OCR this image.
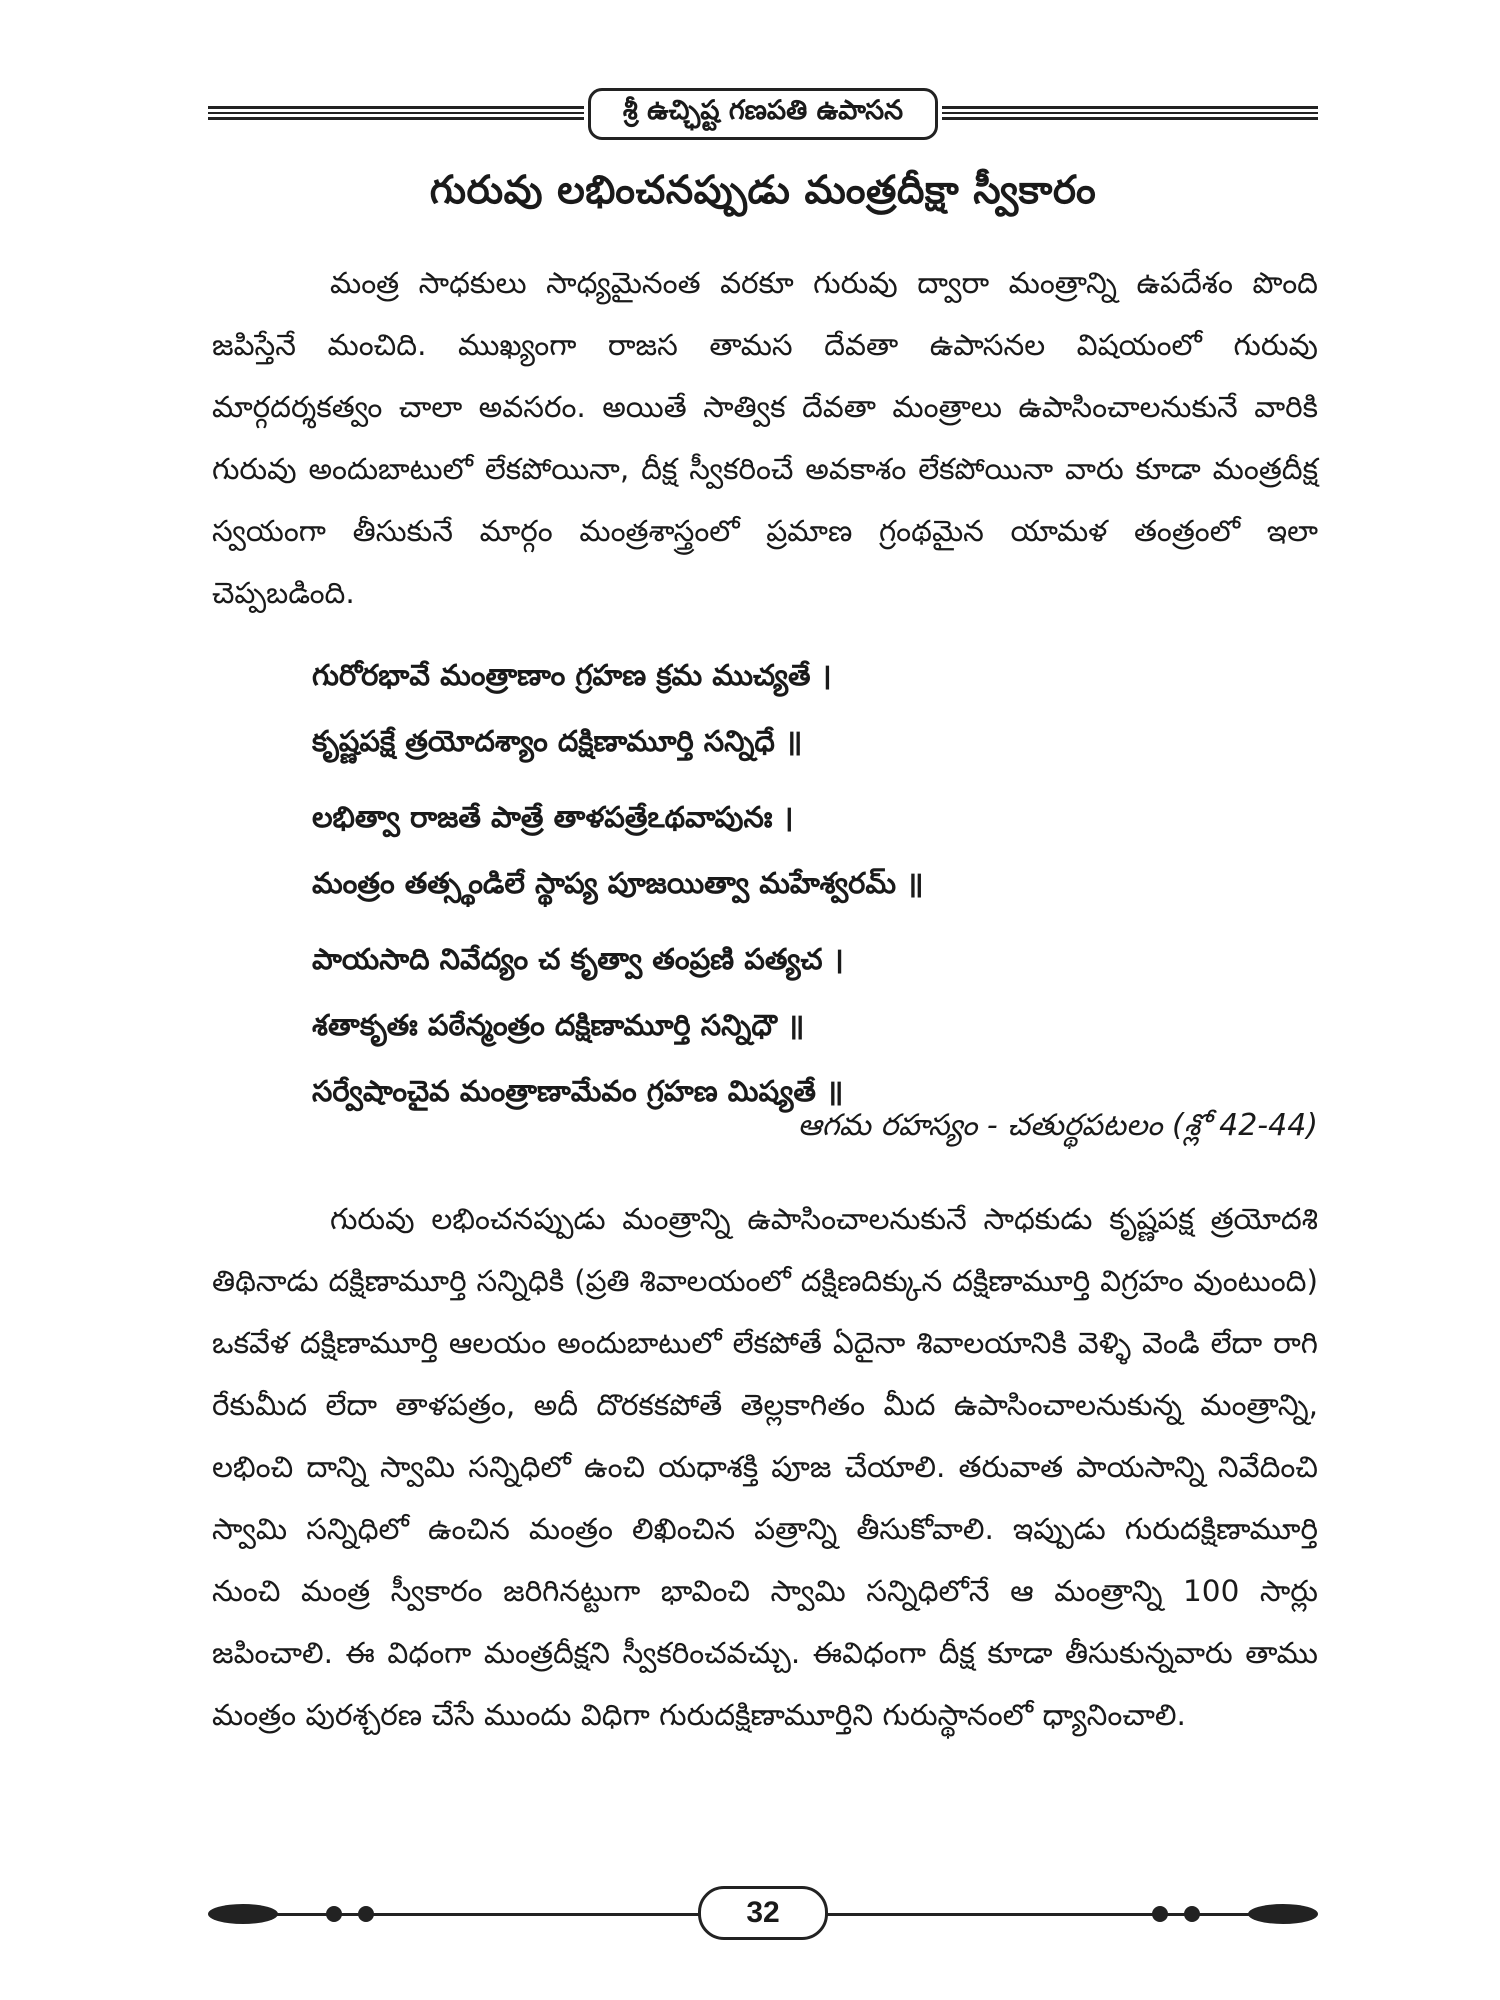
శ్రీ ఉచ్ఛిష్ట గణపతి ఉపాసన
గురువు లభించనప్పుడు మంత్రదీక్షా స్వీకారం

మంత్ర సాధకులు సాధ్యమైనంత వరకూ గురువు ద్వారా మంత్రాన్ని ఉపదేశం పొంది జపిస్తేనే మంచిది. ముఖ్యంగా రాజస తామస దేవతా ఉపాసనల విషయంలో గురువు మార్గదర్శకత్వం చాలా అవసరం. అయితే సాత్విక దేవతా మంత్రాలు ఉపాసించాలనుకునే వారికి గురువు అందుబాటులో లేకపోయినా, దీక్ష స్వీకరించే అవకాశం లేకపోయినా వారు కూడా మంత్రదీక్ష స్వయంగా తీసుకునే మార్గం మంత్రశాస్త్రంలో ప్రమాణ గ్రంథమైన యామళ తంత్రంలో ఇలా చెప్పబడింది.

గురోరభావే మంత్రాణాం గ్రహణ క్రమ ముచ్యతే ।
కృష్ణపక్షే త్రయోదశ్యాం దక్షిణామూర్తి సన్నిధే ॥
లభిత్వా రాజతే పాత్రే తాళపత్రేఽథవాపునః ।
మంత్రం తత్స్థండిలే స్థాప్య పూజయిత్వా మహేశ్వరమ్ ॥
పాయసాది నివేద్యం చ కృత్వా తంప్రణి పత్యచ ।
శతాకృతః పఠేన్మంత్రం దక్షిణామూర్తి సన్నిధౌ ॥
సర్వేషాంచైవ మంత్రాణామేవం గ్రహణ మిష్యతే ॥
ఆగమ రహస్యం - చతుర్థపటలం (శ్లో 42-44)

గురువు లభించనప్పుడు మంత్రాన్ని ఉపాసించాలనుకునే సాధకుడు కృష్ణపక్ష త్రయోదశి తిథినాడు దక్షిణామూర్తి సన్నిధికి (ప్రతి శివాలయంలో దక్షిణదిక్కున దక్షిణామూర్తి విగ్రహం వుంటుంది) ఒకవేళ దక్షిణామూర్తి ఆలయం అందుబాటులో లేకపోతే ఏదైనా శివాలయానికి వెళ్ళి వెండి లేదా రాగి రేకుమీద లేదా తాళపత్రం, అదీ దొరకకపోతే తెల్లకాగితం మీద ఉపాసించాలనుకున్న మంత్రాన్ని, లభించి దాన్ని స్వామి సన్నిధిలో ఉంచి యధాశక్తి పూజ చేయాలి. తరువాత పాయసాన్ని నివేదించి స్వామి సన్నిధిలో ఉంచిన మంత్రం లిఖించిన పత్రాన్ని తీసుకోవాలి. ఇప్పుడు గురుదక్షిణామూర్తి నుంచి మంత్ర స్వీకారం జరిగినట్టుగా భావించి స్వామి సన్నిధిలోనే ఆ మంత్రాన్ని 100 సార్లు జపించాలి. ఈ విధంగా మంత్రదీక్షని స్వీకరించవచ్చు. ఈవిధంగా దీక్ష కూడా తీసుకున్నవారు తాము మంత్రం పురశ్చరణ చేసే ముందు విధిగా గురుదక్షిణామూర్తిని గురుస్థానంలో ధ్యానించాలి.

32
